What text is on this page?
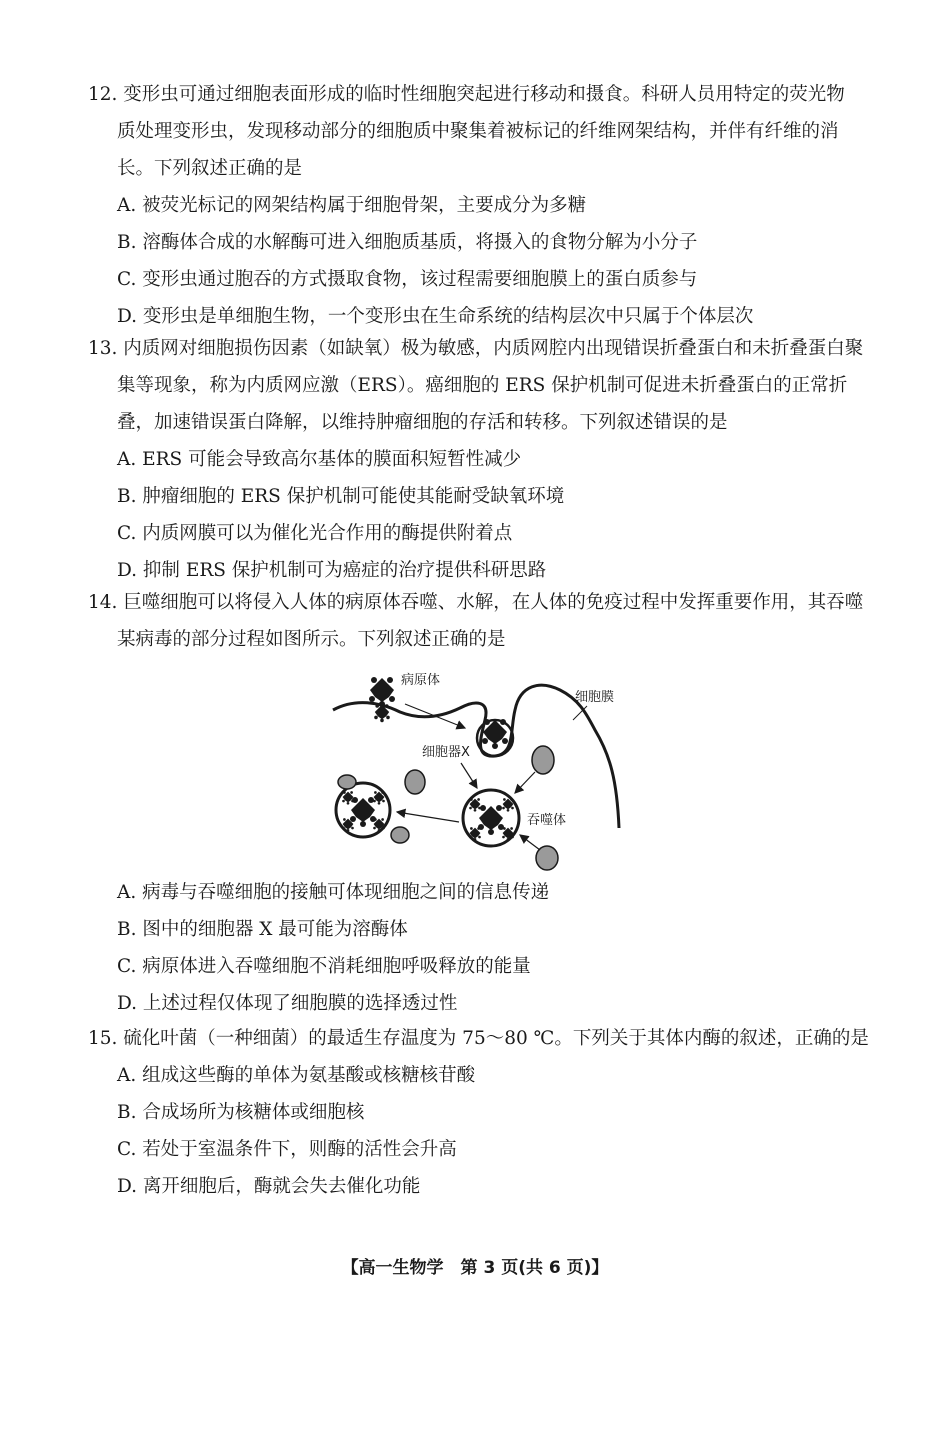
12. 变形虫可通过细胞表面形成的临时性细胞突起进行移动和摄食。科研人员用特定的荧光物
质处理变形虫，发现移动部分的细胞质中聚集着被标记的纤维网架结构，并伴有纤维的消
长。下列叙述正确的是
A. 被荧光标记的网架结构属于细胞骨架，主要成分为多糖
B. 溶酶体合成的水解酶可进入细胞质基质，将摄入的食物分解为小分子
C. 变形虫通过胞吞的方式摄取食物，该过程需要细胞膜上的蛋白质参与
D. 变形虫是单细胞生物，一个变形虫在生命系统的结构层次中只属于个体层次
13. 内质网对细胞损伤因素（如缺氧）极为敏感，内质网腔内出现错误折叠蛋白和未折叠蛋白聚
集等现象，称为内质网应激（ERS）。癌细胞的 ERS 保护机制可促进未折叠蛋白的正常折
叠，加速错误蛋白降解，以维持肿瘤细胞的存活和转移。下列叙述错误的是
A. ERS 可能会导致高尔基体的膜面积短暂性减少
B. 肿瘤细胞的 ERS 保护机制可能使其能耐受缺氧环境
C. 内质网膜可以为催化光合作用的酶提供附着点
D. 抑制 ERS 保护机制可为癌症的治疗提供科研思路
14. 巨噬细胞可以将侵入人体的病原体吞噬、水解，在人体的免疫过程中发挥重要作用，其吞噬
某病毒的部分过程如图所示。下列叙述正确的是
病原体
细胞膜
细胞器X
吞噬体
A. 病毒与吞噬细胞的接触可体现细胞之间的信息传递
B. 图中的细胞器 X 最可能为溶酶体
C. 病原体进入吞噬细胞不消耗细胞呼吸释放的能量
D. 上述过程仅体现了细胞膜的选择透过性
15. 硫化叶菌（一种细菌）的最适生存温度为 75～80 ℃。下列关于其体内酶的叙述，正确的是
A. 组成这些酶的单体为氨基酸或核糖核苷酸
B. 合成场所为核糖体或细胞核
C. 若处于室温条件下，则酶的活性会升高
D. 离开细胞后，酶就会失去催化功能
【高一生物学　第 3 页(共 6 页)】
